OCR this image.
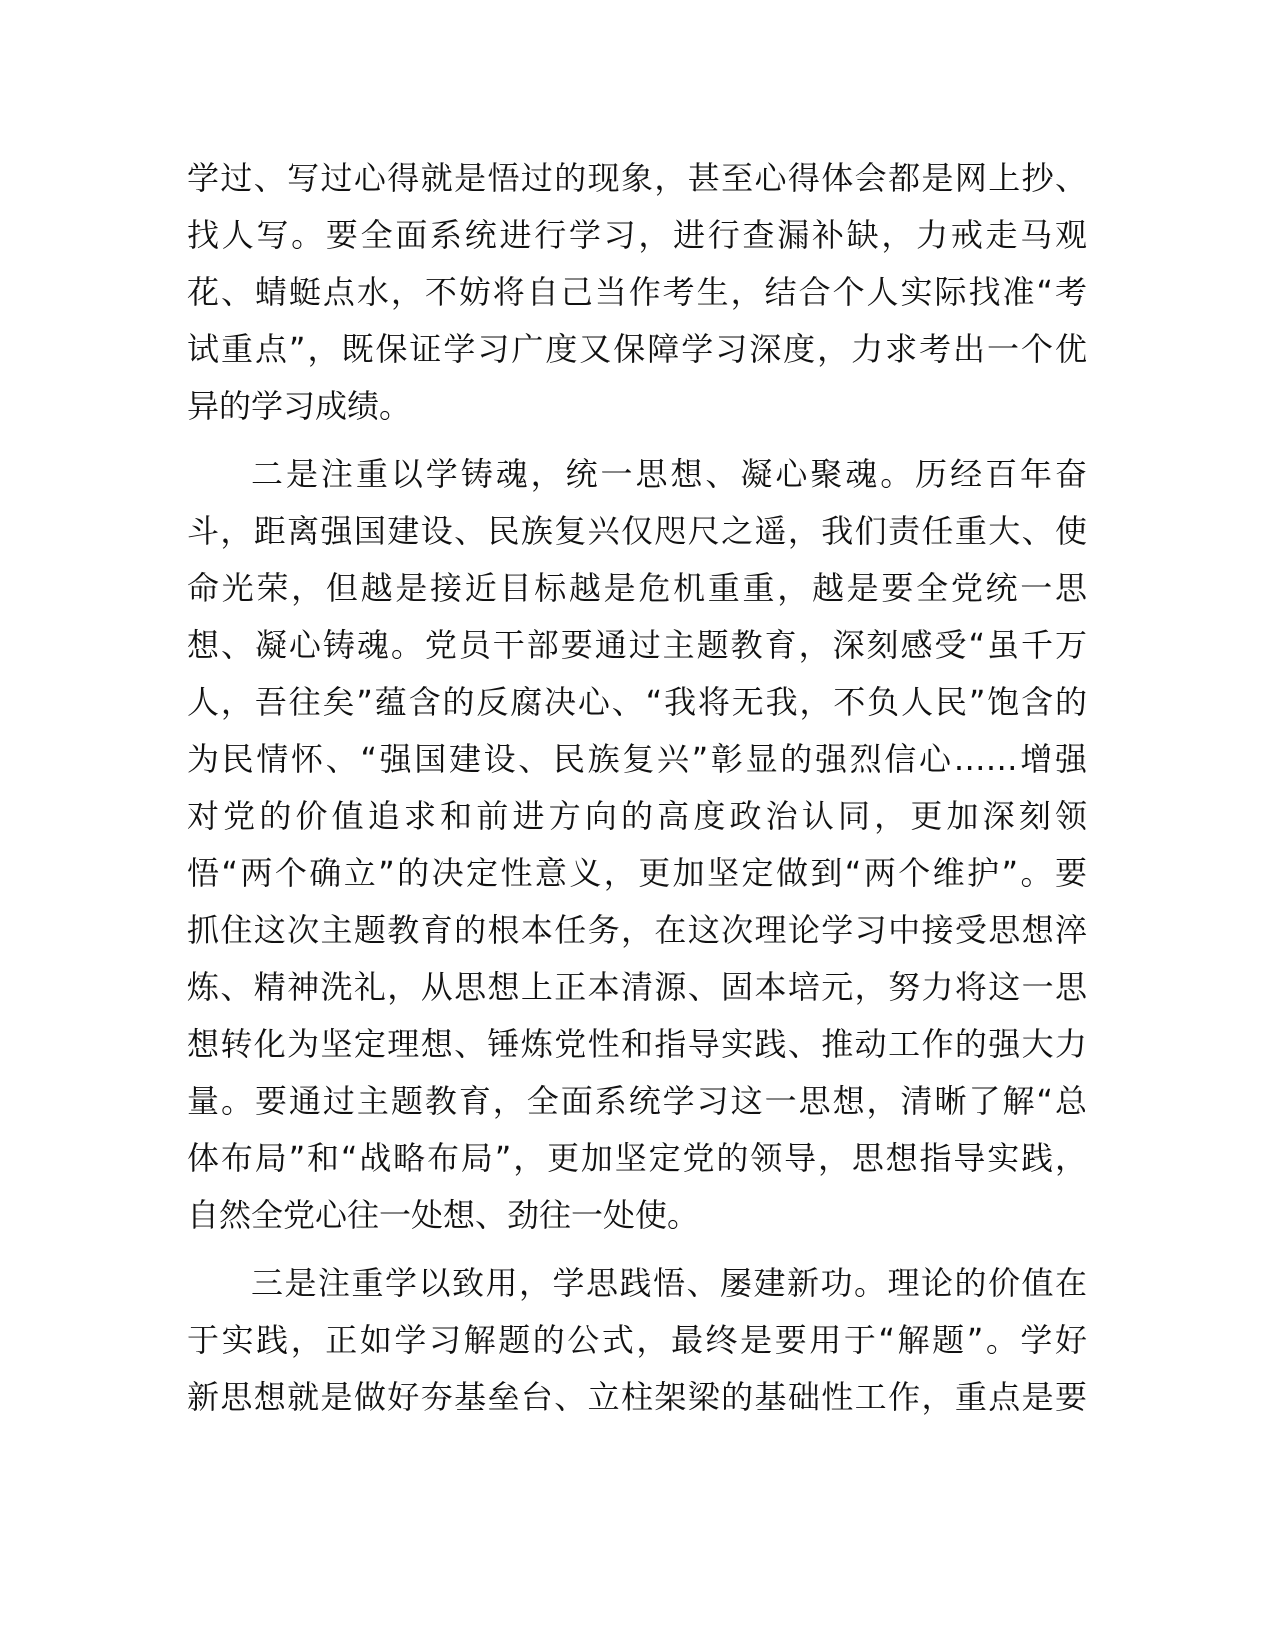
学过、写过心得就是悟过的现象，甚至心得体会都是网上抄、
找人写。要全面系统进行学习，进行查漏补缺，力戒走马观
花、蜻蜓点水，不妨将自己当作考生，结合个人实际找准“考
试重点”，既保证学习广度又保障学习深度，力求考出一个优
异的学习成绩。
二是注重以学铸魂，统一思想、凝心聚魂。历经百年奋
斗，距离强国建设、民族复兴仅咫尺之遥，我们责任重大、使
命光荣，但越是接近目标越是危机重重，越是要全党统一思
想、凝心铸魂。党员干部要通过主题教育，深刻感受“虽千万
人，吾往矣”蕴含的反腐决心、“我将无我，不负人民”饱含的
为民情怀、“强国建设、民族复兴”彰显的强烈信心……增强
对党的价值追求和前进方向的高度政治认同，更加深刻领
悟“两个确立”的决定性意义，更加坚定做到“两个维护”。要
抓住这次主题教育的根本任务，在这次理论学习中接受思想淬
炼、精神洗礼，从思想上正本清源、固本培元，努力将这一思
想转化为坚定理想、锤炼党性和指导实践、推动工作的强大力
量。要通过主题教育，全面系统学习这一思想，清晰了解“总
体布局”和“战略布局”，更加坚定党的领导，思想指导实践，
自然全党心往一处想、劲往一处使。
三是注重学以致用，学思践悟、屡建新功。理论的价值在
于实践，正如学习解题的公式，最终是要用于“解题”。学好
新思想就是做好夯基垒台、立柱架梁的基础性工作，重点是要
